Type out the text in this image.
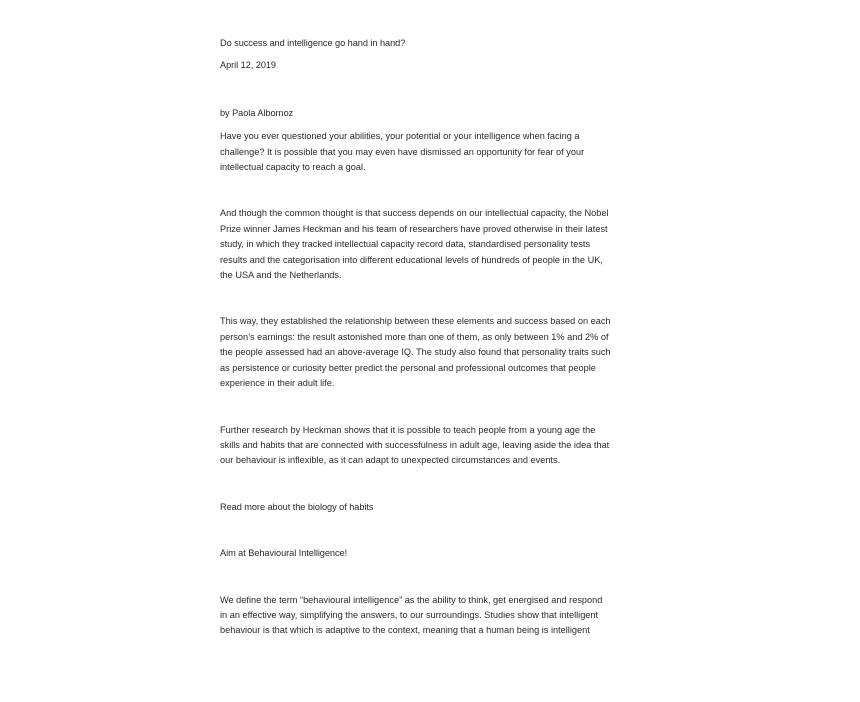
Do success and intelligence go hand in hand?

April 12, 2019

by Paola Albornoz

Have you ever questioned your abilities, your potential or your intelligence when facing a
challenge? It is possible that you may even have dismissed an opportunity for fear of your
intellectual capacity to reach a goal.

And though the common thought is that success depends on our intellectual capacity, the Nobel
Prize winner James Heckman and his team of researchers have proved otherwise in their latest
study, in which they tracked intellectual capacity record data, standardised personality tests
results and the categorisation into different educational levels of hundreds of people in the UK,
the USA and the Netherlands.

This way, they established the relationship between these elements and success based on each
person’s earnings: the result astonished more than one of them, as only between 1% and 2% of
the people assessed had an above-average IQ. The study also found that personality traits such
as persistence or curiosity better predict the personal and professional outcomes that people
experience in their adult life.

Further research by Heckman shows that it is possible to teach people from a young age the
skills and habits that are connected with successfulness in adult age, leaving aside the idea that
our behaviour is inflexible, as it can adapt to unexpected circumstances and events.

Read more about the biology of habits

Aim at Behavioural Intelligence!

We define the term “behavioural intelligence” as the ability to think, get energised and respond
in an effective way, simplifying the answers, to our surroundings. Studies show that intelligent
behaviour is that which is adaptive to the context, meaning that a human being is intelligent
